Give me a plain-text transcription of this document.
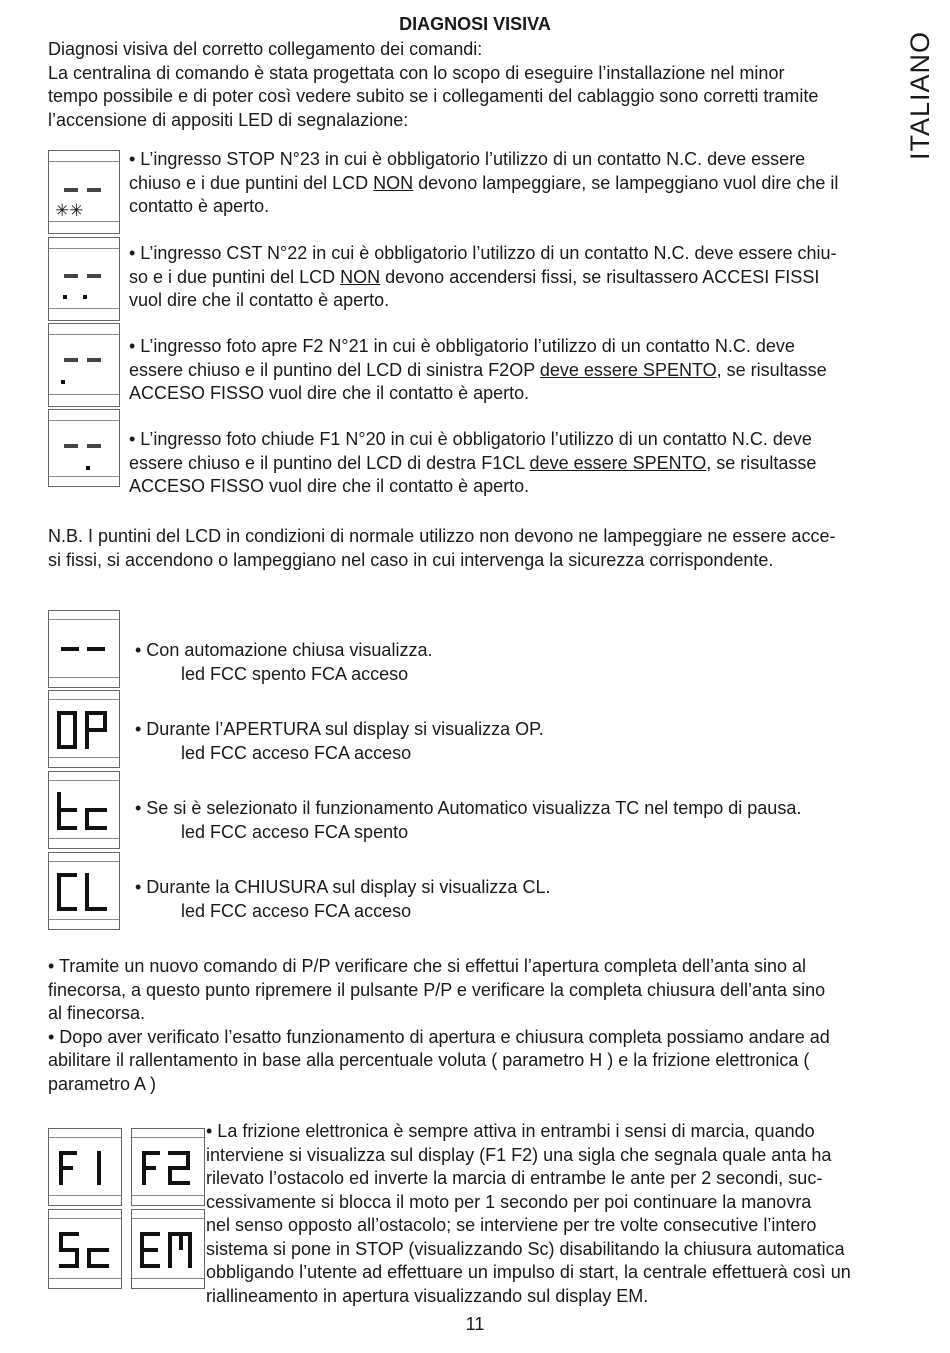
DIAGNOSI VISIVA
ITALIANO
Diagnosi visiva del corretto collegamento dei comandi:
La centralina di comando è stata progettata con lo scopo di eseguire l’installazione nel minor
tempo possibile e di poter così vedere subito se i collegamenti del cablaggio sono corretti tramite
l’accensione di appositi LED di segnalazione:
✳✳
• L’ingresso STOP N°23 in cui è obbligatorio l’utilizzo di un contatto N.C. deve essere
chiuso e i due puntini del LCD NON devono lampeggiare, se lampeggiano vuol dire che il
contatto è aperto.
• L’ingresso CST N°22 in cui è obbligatorio l’utilizzo di un contatto N.C. deve essere chiu-
so e i due puntini del LCD NON devono accendersi fissi, se risultassero ACCESI FISSI
vuol dire che il contatto è aperto.
• L’ingresso foto apre F2 N°21 in cui è obbligatorio l’utilizzo di un contatto N.C. deve
essere chiuso e il puntino del LCD di sinistra F2OP deve essere SPENTO, se risultasse
ACCESO FISSO vuol dire che il contatto è aperto.
• L’ingresso foto chiude F1 N°20 in cui è obbligatorio l’utilizzo di un contatto N.C. deve
essere chiuso e il puntino del LCD di destra F1CL deve essere SPENTO, se risultasse
ACCESO FISSO vuol dire che il contatto è aperto.
N.B. I puntini del LCD in condizioni di normale utilizzo non devono ne lampeggiare ne essere acce-
si fissi, si accendono o lampeggiano nel caso in cui intervenga la sicurezza corrispondente.
• Con automazione chiusa visualizza.
led FCC spento FCA acceso
• Durante l’APERTURA sul display si visualizza OP.
led FCC acceso FCA acceso
• Se si è selezionato il funzionamento Automatico visualizza TC nel tempo di pausa.
led FCC acceso FCA spento
• Durante la CHIUSURA sul display si visualizza CL.
led FCC acceso FCA acceso
• Tramite un nuovo comando di P/P verificare che si effettui l’apertura completa dell’anta sino al
finecorsa, a questo punto ripremere il pulsante P/P e verificare la completa chiusura dell’anta sino
al finecorsa.
• Dopo aver verificato l’esatto funzionamento di apertura e chiusura completa possiamo andare ad
abilitare il rallentamento in base alla percentuale voluta ( parametro H ) e la frizione elettronica (
parametro A )
• La frizione elettronica è sempre attiva in entrambi i sensi di marcia, quando
interviene si visualizza sul display (F1 F2) una sigla che segnala quale anta ha
rilevato l’ostacolo ed inverte la marcia di entrambe le ante per 2 secondi, suc-
cessivamente si blocca il moto per 1 secondo per poi continuare la manovra
nel senso opposto all’ostacolo; se interviene per tre volte consecutive l’intero
sistema si pone in STOP (visualizzando Sc) disabilitando la chiusura automatica
obbligando l’utente ad effettuare un impulso di start, la centrale effettuerà così un
riallineamento in apertura visualizzando sul display EM.
11
